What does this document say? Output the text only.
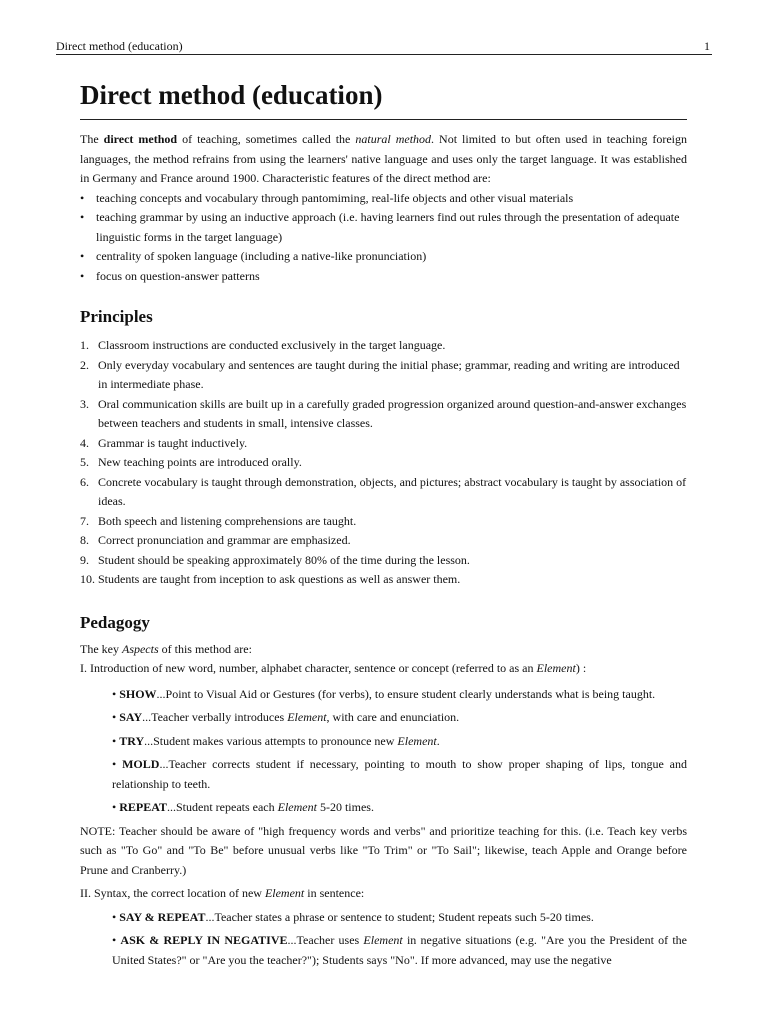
Direct method (education)	1
Direct method (education)

The direct method of teaching, sometimes called the natural method. Not limited to but often used in teaching foreign languages, the method refrains from using the learners' native language and uses only the target language. It was established in Germany and France around 1900. Characteristic features of the direct method are:

• teaching concepts and vocabulary through pantomiming, real-life objects and other visual materials
• teaching grammar by using an inductive approach (i.e. having learners find out rules through the presentation of adequate linguistic forms in the target language)
• centrality of spoken language (including a native-like pronunciation)
• focus on question-answer patterns
Principles
1. Classroom instructions are conducted exclusively in the target language.
2. Only everyday vocabulary and sentences are taught during the initial phase; grammar, reading and writing are introduced in intermediate phase.
3. Oral communication skills are built up in a carefully graded progression organized around question-and-answer exchanges between teachers and students in small, intensive classes.
4. Grammar is taught inductively.
5. New teaching points are introduced orally.
6. Concrete vocabulary is taught through demonstration, objects, and pictures; abstract vocabulary is taught by association of ideas.
7. Both speech and listening comprehensions are taught.
8. Correct pronunciation and grammar are emphasized.
9. Student should be speaking approximately 80% of the time during the lesson.
10. Students are taught from inception to ask questions as well as answer them.
Pedagogy

The key Aspects of this method are:

I. Introduction of new word, number, alphabet character, sentence or concept (referred to as an Element) :

• SHOW...Point to Visual Aid or Gestures (for verbs), to ensure student clearly understands what is being taught.

• SAY...Teacher verbally introduces Element, with care and enunciation.

• TRY...Student makes various attempts to pronounce new Element.

• MOLD...Teacher corrects student if necessary, pointing to mouth to show proper shaping of lips, tongue and relationship to teeth.

• REPEAT...Student repeats each Element 5-20 times.

NOTE: Teacher should be aware of "high frequency words and verbs" and prioritize teaching for this. (i.e. Teach key verbs such as "To Go" and "To Be" before unusual verbs like "To Trim" or "To Sail"; likewise, teach Apple and Orange before Prune and Cranberry.)

II. Syntax, the correct location of new Element in sentence:

• SAY & REPEAT...Teacher states a phrase or sentence to student; Student repeats such 5-20 times.

• ASK & REPLY IN NEGATIVE...Teacher uses Element in negative situations (e.g. "Are you the President of the United States?" or "Are you the teacher?"); Students says "No". If more advanced, may use the negative
